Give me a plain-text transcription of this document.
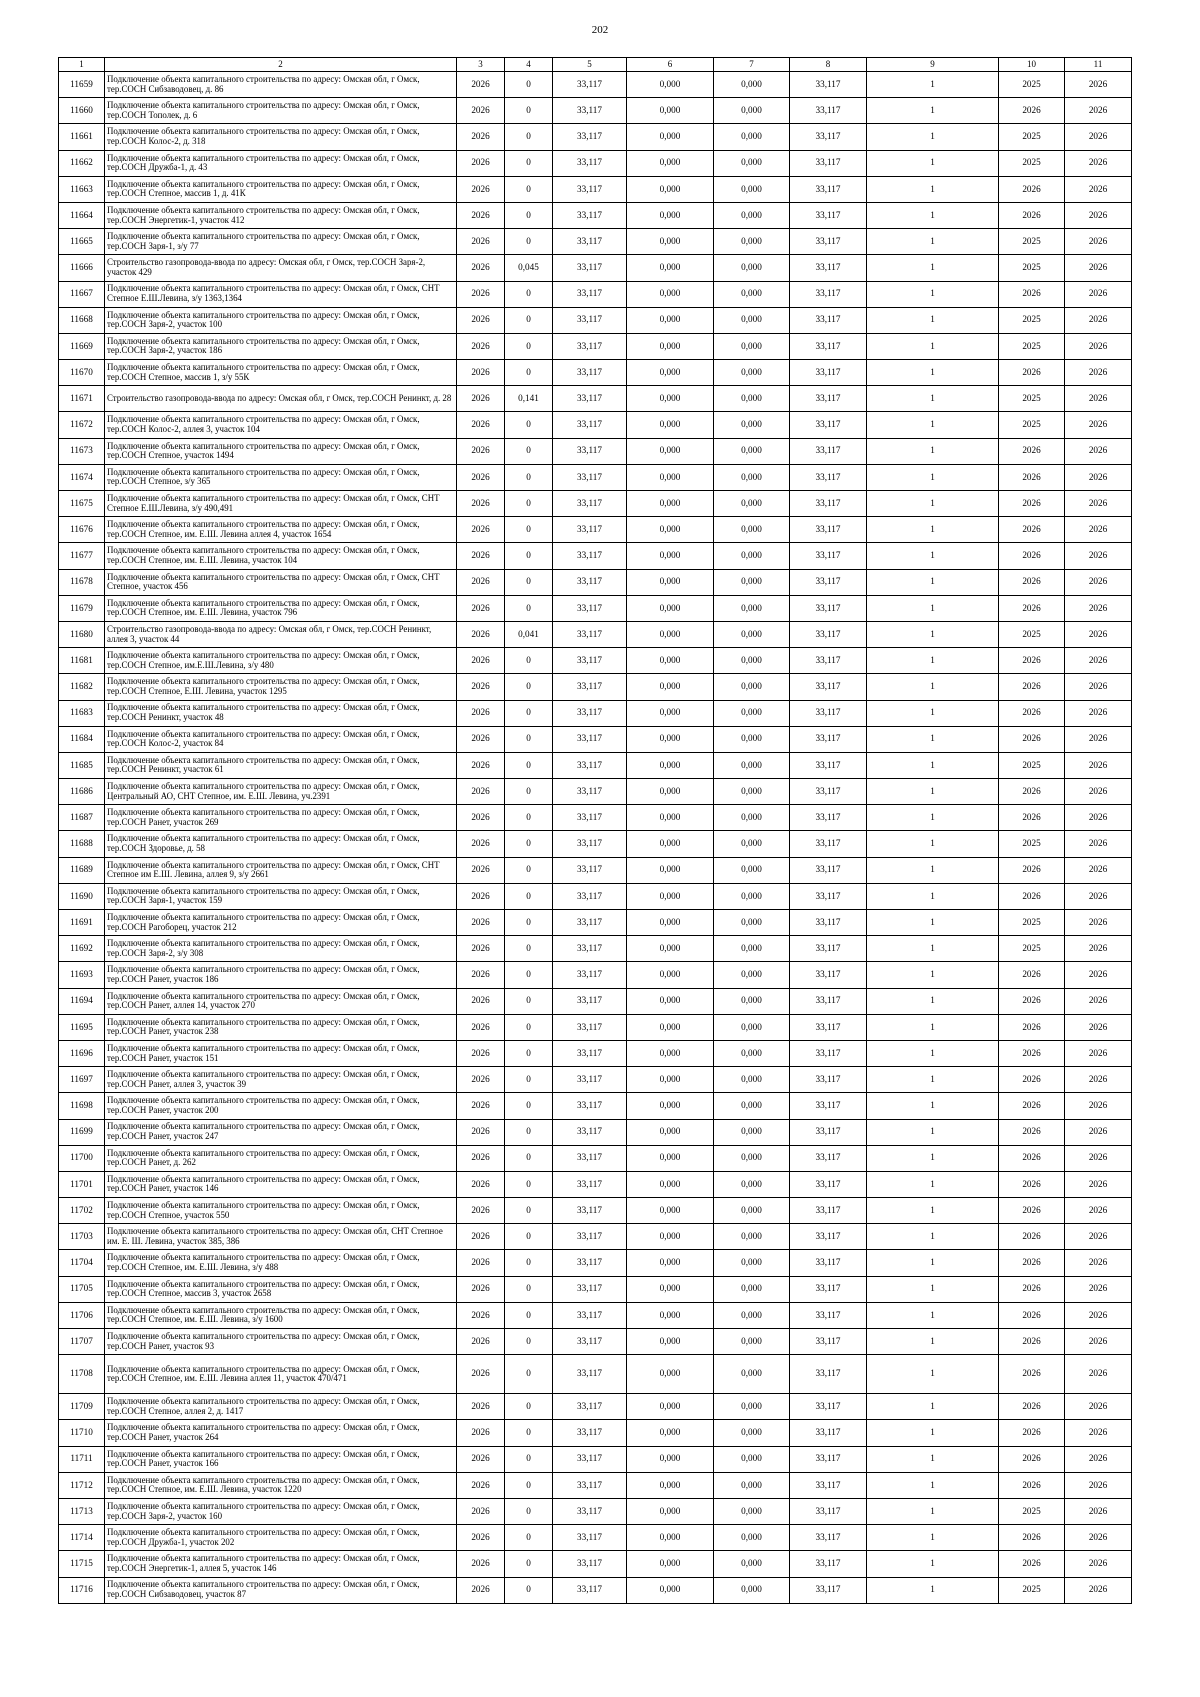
202
1	2	3	4	5	6	7	8	9	10	11
11659	Подключение объекта капитального строительства по адресу: Омская обл, г Омск, тер.СОСН Сибзаводовец, д. 86	2026	0	33,117	0,000	0,000	33,117	1	2025	2026
11660	Подключение объекта капитального строительства по адресу: Омская обл, г Омск, тер.СОСН Тополек, д. 6	2026	0	33,117	0,000	0,000	33,117	1	2026	2026
11661	Подключение объекта капитального строительства по адресу: Омская обл, г Омск, тер.СОСН Колос-2, д. 318	2026	0	33,117	0,000	0,000	33,117	1	2025	2026
11662	Подключение объекта капитального строительства по адресу: Омская обл, г Омск, тер.СОСН Дружба-1, д. 43	2026	0	33,117	0,000	0,000	33,117	1	2025	2026
11663	Подключение объекта капитального строительства по адресу: Омская обл, г Омск, тер.СОСН Степное, массив 1, д. 41К	2026	0	33,117	0,000	0,000	33,117	1	2026	2026
11664	Подключение объекта капитального строительства по адресу: Омская обл, г Омск, тер.СОСН Энергетик-1, участок 412	2026	0	33,117	0,000	0,000	33,117	1	2026	2026
11665	Подключение объекта капитального строительства по адресу: Омская обл, г Омск, тер.СОСН Заря-1, з/у 77	2026	0	33,117	0,000	0,000	33,117	1	2025	2026
11666	Строительство газопровода-ввода по адресу: Омская обл, г Омск, тер.СОСН Заря-2, участок 429	2026	0,045	33,117	0,000	0,000	33,117	1	2025	2026
11667	Подключение объекта капитального строительства по адресу: Омская обл, г Омск, СНТ Степное Е.Ш.Левина, з/у 1363,1364	2026	0	33,117	0,000	0,000	33,117	1	2026	2026
11668	Подключение объекта капитального строительства по адресу: Омская обл, г Омск, тер.СОСН Заря-2, участок 100	2026	0	33,117	0,000	0,000	33,117	1	2025	2026
11669	Подключение объекта капитального строительства по адресу: Омская обл, г Омск, тер.СОСН Заря-2, участок 186	2026	0	33,117	0,000	0,000	33,117	1	2025	2026
11670	Подключение объекта капитального строительства по адресу: Омская обл, г Омск, тер.СОСН Степное, массив 1, з/у 55К	2026	0	33,117	0,000	0,000	33,117	1	2026	2026
11671	Строительство газопровода-ввода по адресу: Омская обл, г Омск, тер.СОСН Ренинкт, д. 28	2026	0,141	33,117	0,000	0,000	33,117	1	2025	2026
11672	Подключение объекта капитального строительства по адресу: Омская обл, г Омск, тер.СОСН Колос-2, аллея 3, участок 104	2026	0	33,117	0,000	0,000	33,117	1	2025	2026
11673	Подключение объекта капитального строительства по адресу: Омская обл, г Омск, тер.СОСН Степное, участок 1494	2026	0	33,117	0,000	0,000	33,117	1	2026	2026
11674	Подключение объекта капитального строительства по адресу: Омская обл, г Омск, тер.СОСН Степное, з/у 365	2026	0	33,117	0,000	0,000	33,117	1	2026	2026
11675	Подключение объекта капитального строительства по адресу: Омская обл, г Омск, СНТ Степное Е.Ш.Левина, з/у 490,491	2026	0	33,117	0,000	0,000	33,117	1	2026	2026
11676	Подключение объекта капитального строительства по адресу: Омская обл, г Омск, тер.СОСН Степное, им. Е.Ш. Левина аллея 4, участок 1654	2026	0	33,117	0,000	0,000	33,117	1	2026	2026
11677	Подключение объекта капитального строительства по адресу: Омская обл, г Омск, тер.СОСН Степное, им. Е.Ш. Левина, участок 104	2026	0	33,117	0,000	0,000	33,117	1	2026	2026
11678	Подключение объекта капитального строительства по адресу: Омская обл, г Омск, СНТ Степное, участок 456	2026	0	33,117	0,000	0,000	33,117	1	2026	2026
11679	Подключение объекта капитального строительства по адресу: Омская обл, г Омск, тер.СОСН Степное, им. Е.Ш. Левина, участок 796	2026	0	33,117	0,000	0,000	33,117	1	2026	2026
11680	Строительство газопровода-ввода по адресу: Омская обл, г Омск, тер.СОСН Ренинкт, аллея 3, участок 44	2026	0,041	33,117	0,000	0,000	33,117	1	2025	2026
11681	Подключение объекта капитального строительства по адресу: Омская обл, г Омск, тер.СОСН Степное, им.Е.Ш.Левина, з/у 480	2026	0	33,117	0,000	0,000	33,117	1	2026	2026
11682	Подключение объекта капитального строительства по адресу: Омская обл, г Омск, тер.СОСН Степное, Е.Ш. Левина, участок 1295	2026	0	33,117	0,000	0,000	33,117	1	2026	2026
11683	Подключение объекта капитального строительства по адресу: Омская обл, г Омск, тер.СОСН Ренинкт, участок 48	2026	0	33,117	0,000	0,000	33,117	1	2026	2026
11684	Подключение объекта капитального строительства по адресу: Омская обл, г Омск, тер.СОСН Колос-2, участок 84	2026	0	33,117	0,000	0,000	33,117	1	2026	2026
11685	Подключение объекта капитального строительства по адресу: Омская обл, г Омск, тер.СОСН Ренинкт, участок 61	2026	0	33,117	0,000	0,000	33,117	1	2025	2026
11686	Подключение объекта капитального строительства по адресу: Омская обл, г Омск, Центральный АО, СНТ Степное, им. Е.Ш. Левина, уч.2391	2026	0	33,117	0,000	0,000	33,117	1	2026	2026
11687	Подключение объекта капитального строительства по адресу: Омская обл, г Омск, тер.СОСН Ранет, участок 269	2026	0	33,117	0,000	0,000	33,117	1	2026	2026
11688	Подключение объекта капитального строительства по адресу: Омская обл, г Омск, тер.СОСН Здоровье, д. 58	2026	0	33,117	0,000	0,000	33,117	1	2025	2026
11689	Подключение объекта капитального строительства по адресу: Омская обл, г Омск, СНТ Степное им Е.Ш. Левина, аллея 9, з/у 2661	2026	0	33,117	0,000	0,000	33,117	1	2026	2026
11690	Подключение объекта капитального строительства по адресу: Омская обл, г Омск, тер.СОСН Заря-1, участок 159	2026	0	33,117	0,000	0,000	33,117	1	2026	2026
11691	Подключение объекта капитального строительства по адресу: Омская обл, г Омск, тер.СОСН Рагоборец, участок 212	2026	0	33,117	0,000	0,000	33,117	1	2025	2026
11692	Подключение объекта капитального строительства по адресу: Омская обл, г Омск, тер.СОСН Заря-2, з/у 308	2026	0	33,117	0,000	0,000	33,117	1	2025	2026
11693	Подключение объекта капитального строительства по адресу: Омская обл, г Омск, тер.СОСН Ранет, участок 186	2026	0	33,117	0,000	0,000	33,117	1	2026	2026
11694	Подключение объекта капитального строительства по адресу: Омская обл, г Омск, тер.СОСН Ранет, аллея 14, участок 270	2026	0	33,117	0,000	0,000	33,117	1	2026	2026
11695	Подключение объекта капитального строительства по адресу: Омская обл, г Омск, тер.СОСН Ранет, участок 238	2026	0	33,117	0,000	0,000	33,117	1	2026	2026
11696	Подключение объекта капитального строительства по адресу: Омская обл, г Омск, тер.СОСН Ранет, участок 151	2026	0	33,117	0,000	0,000	33,117	1	2026	2026
11697	Подключение объекта капитального строительства по адресу: Омская обл, г Омск, тер.СОСН Ранет, аллея 3, участок 39	2026	0	33,117	0,000	0,000	33,117	1	2026	2026
11698	Подключение объекта капитального строительства по адресу: Омская обл, г Омск, тер.СОСН Ранет, участок 200	2026	0	33,117	0,000	0,000	33,117	1	2026	2026
11699	Подключение объекта капитального строительства по адресу: Омская обл, г Омск, тер.СОСН Ранет, участок 247	2026	0	33,117	0,000	0,000	33,117	1	2026	2026
11700	Подключение объекта капитального строительства по адресу: Омская обл, г Омск, тер.СОСН Ранет, д. 262	2026	0	33,117	0,000	0,000	33,117	1	2026	2026
11701	Подключение объекта капитального строительства по адресу: Омская обл, г Омск, тер.СОСН Ранет, участок 146	2026	0	33,117	0,000	0,000	33,117	1	2026	2026
11702	Подключение объекта капитального строительства по адресу: Омская обл, г Омск, тер.СОСН Степное, участок 550	2026	0	33,117	0,000	0,000	33,117	1	2026	2026
11703	Подключение объекта капитального строительства по адресу: Омская обл, СНТ Степное им. Е. Ш. Левина, участок 385, 386	2026	0	33,117	0,000	0,000	33,117	1	2026	2026
11704	Подключение объекта капитального строительства по адресу: Омская обл, г Омск, тер.СОСН Степное, им. Е.Ш. Левина, з/у 488	2026	0	33,117	0,000	0,000	33,117	1	2026	2026
11705	Подключение объекта капитального строительства по адресу: Омская обл, г Омск, тер.СОСН Степное, массив 3, участок 2658	2026	0	33,117	0,000	0,000	33,117	1	2026	2026
11706	Подключение объекта капитального строительства по адресу: Омская обл, г Омск, тер.СОСН Степное, им. Е.Ш. Левина, з/у 1600	2026	0	33,117	0,000	0,000	33,117	1	2026	2026
11707	Подключение объекта капитального строительства по адресу: Омская обл, г Омск, тер.СОСН Ранет, участок 93	2026	0	33,117	0,000	0,000	33,117	1	2026	2026
11708	Подключение объекта капитального строительства по адресу: Омская обл, г Омск, тер.СОСН Степное, им. Е.Ш. Левина аллея 11, участок 470/471	2026	0	33,117	0,000	0,000	33,117	1	2026	2026
11709	Подключение объекта капитального строительства по адресу: Омская обл, г Омск, тер.СОСН Степное, аллея 2, д. 1417	2026	0	33,117	0,000	0,000	33,117	1	2026	2026
11710	Подключение объекта капитального строительства по адресу: Омская обл, г Омск, тер.СОСН Ранет, участок 264	2026	0	33,117	0,000	0,000	33,117	1	2026	2026
11711	Подключение объекта капитального строительства по адресу: Омская обл, г Омск, тер.СОСН Ранет, участок 166	2026	0	33,117	0,000	0,000	33,117	1	2026	2026
11712	Подключение объекта капитального строительства по адресу: Омская обл, г Омск, тер.СОСН Степное, им. Е.Ш. Левина, участок 1220	2026	0	33,117	0,000	0,000	33,117	1	2026	2026
11713	Подключение объекта капитального строительства по адресу: Омская обл, г Омск, тер.СОСН Заря-2, участок 160	2026	0	33,117	0,000	0,000	33,117	1	2025	2026
11714	Подключение объекта капитального строительства по адресу: Омская обл, г Омск, тер.СОСН Дружба-1, участок 202	2026	0	33,117	0,000	0,000	33,117	1	2026	2026
11715	Подключение объекта капитального строительства по адресу: Омская обл, г Омск, тер.СОСН Энергетик-1, аллея 5, участок 146	2026	0	33,117	0,000	0,000	33,117	1	2026	2026
11716	Подключение объекта капитального строительства по адресу: Омская обл, г Омск, тер.СОСН Сибзаводовец, участок 87	2026	0	33,117	0,000	0,000	33,117	1	2025	2026
